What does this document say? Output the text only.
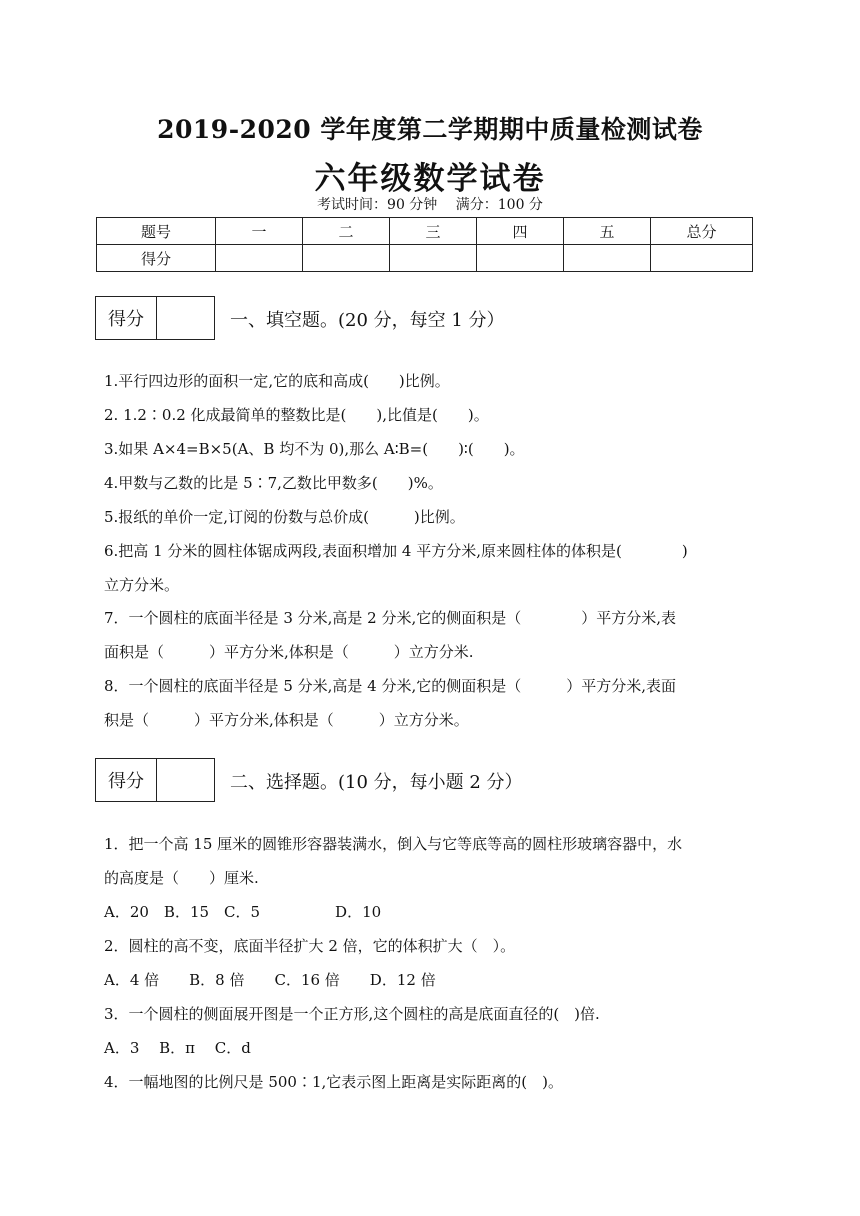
2019-2020 学年度第二学期期中质量检测试卷
六年级数学试卷
考试时间：90 分钟 满分：100 分
题号	一	二	三	四	五	总分
得分						
得分	一、填空题。(20 分，每空 1 分）
1.平行四边形的面积一定,它的底和高成(　　)比例。
2. 1.2∶0.2 化成最简单的整数比是(　　),比值是(　　)。
3.如果 A×4=B×5(A、B 均不为 0),那么 A∶B=(　　)∶(　　)。
4.甲数与乙数的比是 5∶7,乙数比甲数多(　　)%。
5.报纸的单价一定,订阅的份数与总价成(　　　)比例。
6.把高 1 分米的圆柱体锯成两段,表面积增加 4 平方分米,原来圆柱体的体积是(　　　　)
立方分米。
7．一个圆柱的底面半径是 3 分米,高是 2 分米,它的侧面积是（　　　　）平方分米,表
面积是（　　　）平方分米,体积是（　　　）立方分米.
8．一个圆柱的底面半径是 5 分米,高是 4 分米,它的侧面积是（　　　）平方分米,表面
积是（　　　）平方分米,体积是（　　　）立方分米。
得分	二、选择题。(10 分，每小题 2 分）
1．把一个高 15 厘米的圆锥形容器装满水，倒入与它等底等高的圆柱形玻璃容器中，水
的高度是（　　）厘米.
A．20　B．15　C．5　　　　　D．10
2．圆柱的高不变，底面半径扩大 2 倍，它的体积扩大（　）。
A．4 倍　　B．8 倍　　C．16 倍　　D．12 倍
3．一个圆柱的侧面展开图是一个正方形,这个圆柱的高是底面直径的(　)倍.
A．3　 B．π　 C．d
4．一幅地图的比例尺是 500∶1,它表示图上距离是实际距离的(　)。
